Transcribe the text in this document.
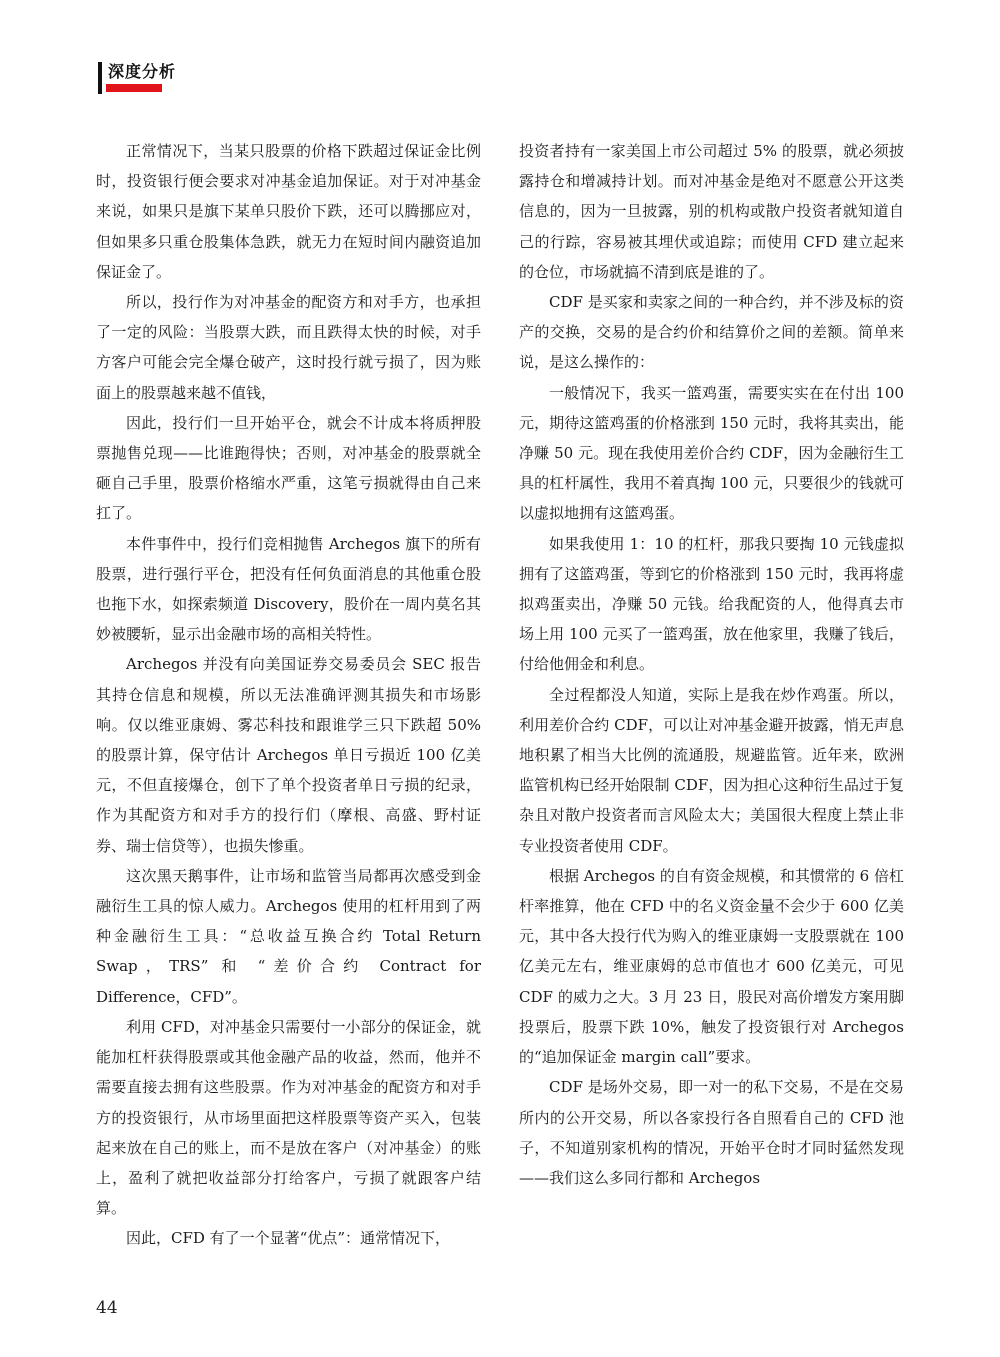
深度分析

正常情况下，当某只股票的价格下跌超过保证金比例时，投资银行便会要求对冲基金追加保证。对于对冲基金来说，如果只是旗下某单只股价下跌，还可以腾挪应对，但如果多只重仓股集体急跌，就无力在短时间内融资追加保证金了。

所以，投行作为对冲基金的配资方和对手方，也承担了一定的风险：当股票大跌，而且跌得太快的时候，对手方客户可能会完全爆仓破产，这时投行就亏损了，因为账面上的股票越来越不值钱，

因此，投行们一旦开始平仓，就会不计成本将质押股票抛售兑现——比谁跑得快；否则，对冲基金的股票就全砸自己手里，股票价格缩水严重，这笔亏损就得由自己来扛了。

本件事件中，投行们竞相抛售 Archegos 旗下的所有股票，进行强行平仓，把没有任何负面消息的其他重仓股也拖下水，如探索频道 Discovery，股价在一周内莫名其妙被腰斩，显示出金融市场的高相关特性。

Archegos 并没有向美国证券交易委员会 SEC 报告其持仓信息和规模，所以无法准确评测其损失和市场影响。仅以维亚康姆、雾芯科技和跟谁学三只下跌超 50% 的股票计算，保守估计 Archegos 单日亏损近 100 亿美元，不但直接爆仓，创下了单个投资者单日亏损的纪录，作为其配资方和对手方的投行们（摩根、高盛、野村证券、瑞士信贷等），也损失惨重。

这次黑天鹅事件，让市场和监管当局都再次感受到金融衍生工具的惊人威力。Archegos 使用的杠杆用到了两种金融衍生工具：“总收益互换合约 Total Return Swap，TRS” 和 “差价合约 Contract for Difference，CFD”。

利用 CFD，对冲基金只需要付一小部分的保证金，就能加杠杆获得股票或其他金融产品的收益，然而，他并不需要直接去拥有这些股票。作为对冲基金的配资方和对手方的投资银行，从市场里面把这样股票等资产买入，包装起来放在自己的账上，而不是放在客户（对冲基金）的账上，盈利了就把收益部分打给客户，亏损了就跟客户结算。

因此，CFD 有了一个显著“优点”：通常情况下，

投资者持有一家美国上市公司超过 5% 的股票，就必须披露持仓和增减持计划。而对冲基金是绝对不愿意公开这类信息的，因为一旦披露，别的机构或散户投资者就知道自己的行踪，容易被其埋伏或追踪；而使用 CFD 建立起来的仓位，市场就搞不清到底是谁的了。

CDF 是买家和卖家之间的一种合约，并不涉及标的资产的交换，交易的是合约价和结算价之间的差额。简单来说，是这么操作的：

一般情况下，我买一篮鸡蛋，需要实实在在付出 100 元，期待这篮鸡蛋的价格涨到 150 元时，我将其卖出，能净赚 50 元。现在我使用差价合约 CDF，因为金融衍生工具的杠杆属性，我用不着真掏 100 元，只要很少的钱就可以虚拟地拥有这篮鸡蛋。

如果我使用 1：10 的杠杆，那我只要掏 10 元钱虚拟拥有了这篮鸡蛋，等到它的价格涨到 150 元时，我再将虚拟鸡蛋卖出，净赚 50 元钱。给我配资的人，他得真去市场上用 100 元买了一篮鸡蛋，放在他家里，我赚了钱后，付给他佣金和利息。

全过程都没人知道，实际上是我在炒作鸡蛋。所以，利用差价合约 CDF，可以让对冲基金避开披露，悄无声息地积累了相当大比例的流通股，规避监管。近年来，欧洲监管机构已经开始限制 CDF，因为担心这种衍生品过于复杂且对散户投资者而言风险太大；美国很大程度上禁止非专业投资者使用 CDF。

根据 Archegos 的自有资金规模，和其惯常的 6 倍杠杆率推算，他在 CFD 中的名义资金量不会少于 600 亿美元，其中各大投行代为购入的维亚康姆一支股票就在 100 亿美元左右，维亚康姆的总市值也才 600 亿美元，可见 CDF 的威力之大。3 月 23 日，股民对高价增发方案用脚投票后，股票下跌 10%，触发了投资银行对 Archegos 的“追加保证金 margin call”要求。

CDF 是场外交易，即一对一的私下交易，不是在交易所内的公开交易，所以各家投行各自照看自己的 CFD 池子，不知道别家机构的情况，开始平仓时才同时猛然发现——我们这么多同行都和 Archegos

44
